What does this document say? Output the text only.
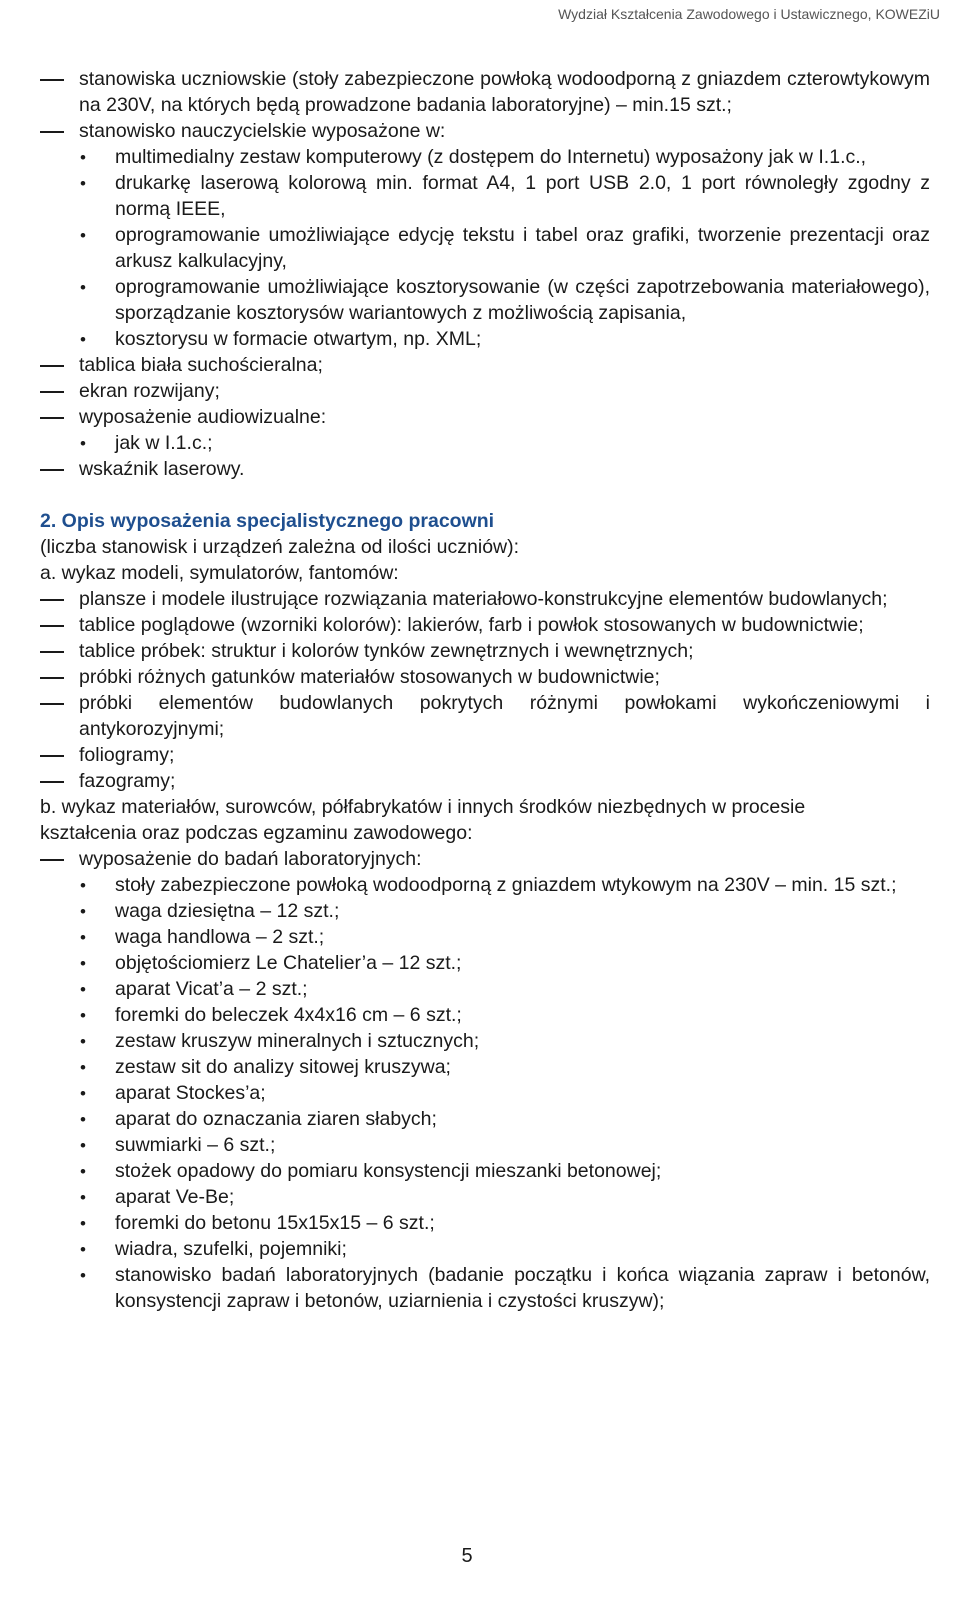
Wydział Kształcenia Zawodowego i Ustawicznego, KOWEZiU
stanowiska uczniowskie (stoły zabezpieczone powłoką wodoodporną z gniazdem czterowtykowym na 230V, na których będą prowadzone badania laboratoryjne) – min.15 szt.;
stanowisko nauczycielskie wyposażone w:
•
multimedialny zestaw komputerowy (z dostępem do Internetu) wyposażony jak w I.1.c.,
•
drukarkę laserową kolorową min. format A4, 1 port USB 2.0, 1 port równoległy zgodny z normą IEEE,
•
oprogramowanie umożliwiające edycję tekstu i tabel oraz grafiki, tworzenie prezentacji oraz arkusz kalkulacyjny,
•
oprogramowanie umożliwiające kosztorysowanie (w części zapotrzebowania materiałowego), sporządzanie kosztorysów wariantowych z możliwością zapisania,
•
kosztorysu w formacie otwartym, np. XML;
tablica biała suchościeralna;
ekran rozwijany;
wyposażenie audiowizualne:
•
jak w I.1.c.;
wskaźnik laserowy.
2. Opis wyposażenia specjalistycznego pracowni
(liczba stanowisk i urządzeń zależna od ilości uczniów):
a. wykaz modeli, symulatorów, fantomów:
plansze i modele ilustrujące rozwiązania materiałowo-konstrukcyjne elementów budowlanych;
tablice poglądowe (wzorniki kolorów): lakierów, farb i powłok stosowanych w budownictwie;
tablice próbek: struktur i kolorów tynków zewnętrznych i wewnętrznych;
próbki różnych gatunków materiałów stosowanych w budownictwie;
próbki elementów budowlanych pokrytych różnymi powłokami wykończeniowymi i antykorozyjnymi;
foliogramy;
fazogramy;
b. wykaz materiałów, surowców, półfabrykatów i innych środków niezbędnych w procesie
kształcenia oraz podczas egzaminu zawodowego:
wyposażenie do badań laboratoryjnych:
•
stoły zabezpieczone powłoką wodoodporną z gniazdem wtykowym na 230V – min. 15 szt.;
•
waga dziesiętna – 12 szt.;
•
waga handlowa – 2 szt.;
•
objętościomierz Le Chatelier’a – 12 szt.;
•
aparat Vicat’a – 2 szt.;
•
foremki do beleczek 4x4x16 cm – 6 szt.;
•
zestaw kruszyw mineralnych i sztucznych;
•
zestaw sit do analizy sitowej kruszywa;
•
aparat Stockes’a;
•
aparat do oznaczania ziaren słabych;
•
suwmiarki – 6 szt.;
•
stożek opadowy do pomiaru konsystencji mieszanki betonowej;
•
aparat Ve-Be;
•
foremki do betonu 15x15x15 – 6 szt.;
•
wiadra, szufelki, pojemniki;
•
stanowisko badań laboratoryjnych (badanie początku i końca wiązania zapraw i betonów, konsystencji zapraw i betonów, uziarnienia i czystości kruszyw);
5
